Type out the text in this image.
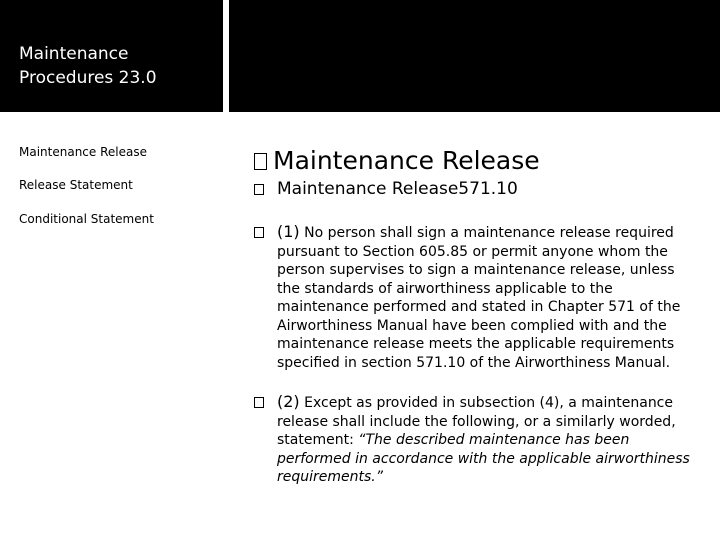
Maintenance Procedures 23.0
Maintenance Release
Release Statement
Conditional Statement
Maintenance Release
Maintenance Release571.10
(1) No person shall sign a maintenance release required pursuant to Section 605.85 or permit anyone whom the person supervises to sign a maintenance release, unless the standards of airworthiness applicable to the maintenance performed and stated in Chapter 571 of the Airworthiness Manual have been complied with and the maintenance release meets the applicable requirements specified in section 571.10 of the Airworthiness Manual.
(2) Except as provided in subsection (4), a maintenance release shall include the following, or a similarly worded, statement: “The described maintenance has been performed in accordance with the applicable airworthiness requirements.”
